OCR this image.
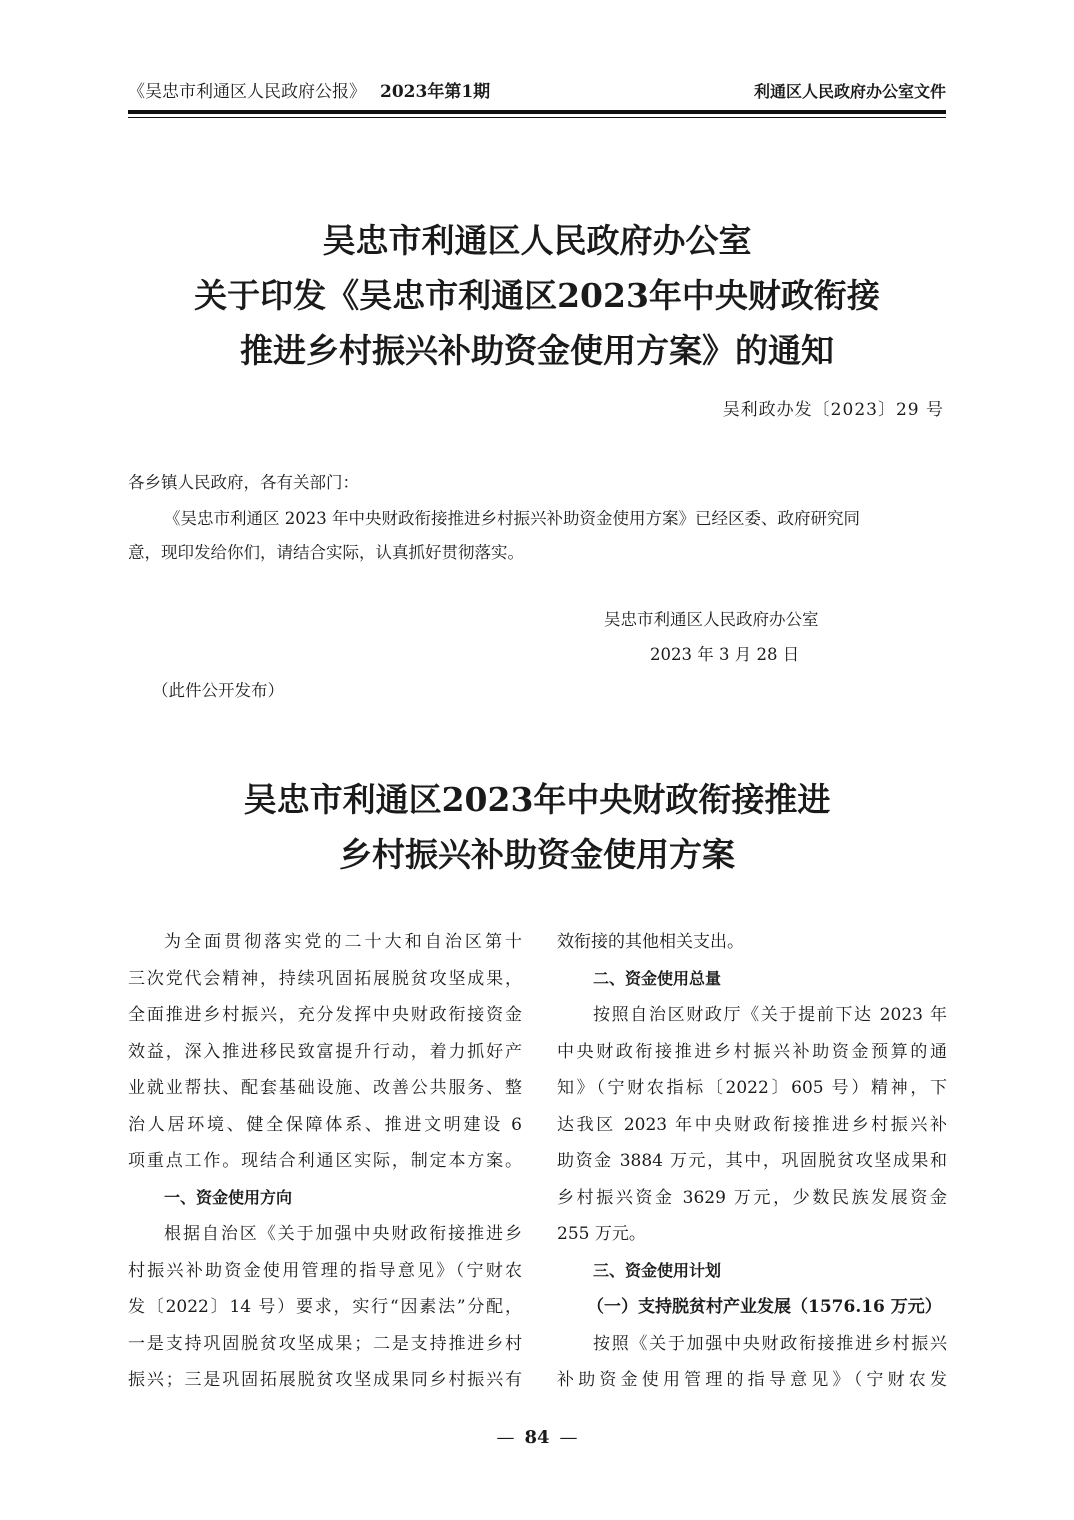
《吴忠市利通区人民政府公报》 2023年第1期	利通区人民政府办公室文件
吴忠市利通区人民政府办公室
关于印发《吴忠市利通区2023年中央财政衔接
推进乡村振兴补助资金使用方案》的通知
吴利政办发〔2023〕29 号
各乡镇人民政府，各有关部门：
《吴忠市利通区 2023 年中央财政衔接推进乡村振兴补助资金使用方案》已经区委、政府研究同
意，现印发给你们，请结合实际，认真抓好贯彻落实。
吴忠市利通区人民政府办公室
2023 年 3 月 28 日
（此件公开发布）
吴忠市利通区2023年中央财政衔接推进
乡村振兴补助资金使用方案
为全面贯彻落实党的二十大和自治区第十
三次党代会精神，持续巩固拓展脱贫攻坚成果，
全面推进乡村振兴，充分发挥中央财政衔接资金
效益，深入推进移民致富提升行动，着力抓好产
业就业帮扶、配套基础设施、改善公共服务、整
治人居环境、健全保障体系、推进文明建设 6
项重点工作。现结合利通区实际，制定本方案。
一、资金使用方向
根据自治区《关于加强中央财政衔接推进乡
村振兴补助资金使用管理的指导意见》（宁财农
发〔2022〕14 号）要求，实行“因素法”分配，
一是支持巩固脱贫攻坚成果；二是支持推进乡村
振兴；三是巩固拓展脱贫攻坚成果同乡村振兴有
效衔接的其他相关支出。
二、资金使用总量
按照自治区财政厅《关于提前下达 2023 年
中央财政衔接推进乡村振兴补助资金预算的通
知》（宁财农指标〔2022〕605 号）精神，下
达我区 2023 年中央财政衔接推进乡村振兴补
助资金 3884 万元，其中，巩固脱贫攻坚成果和
乡村振兴资金 3629 万元，少数民族发展资金
255 万元。
三、资金使用计划
（一）支持脱贫村产业发展（1576.16 万元）
按照《关于加强中央财政衔接推进乡村振兴
补助资金使用管理的指导意见》（宁财农发
— 84 —
